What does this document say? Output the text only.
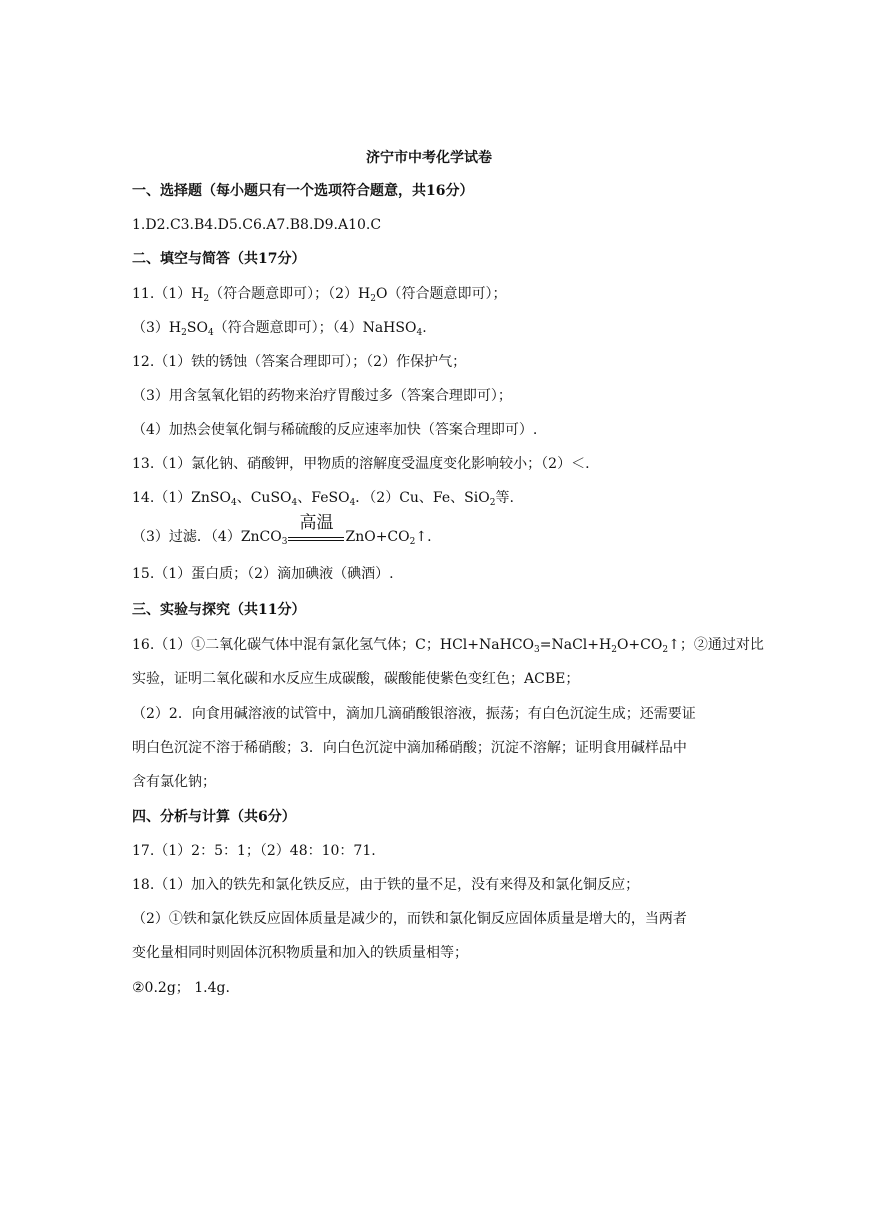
济宁市中考化学试卷
一、选择题（每小题只有一个选项符合题意，共16分）
1.D2.C3.B4.D5.C6.A7.B8.D9.A10.C
二、填空与简答（共17分）
$11.(1)H_2$（符合题意即可）；$(2)H_2O$（符合题意即可）；
$(3)H_2SO_4$（符合题意即可）；（4）NaHSO$_4$.
12.（1）铁的锈蚀（答案合理即可）；（2）作保护气；
（3）用含氢氧化铝的药物来治疗胃酸过多（答案合理即可）；
（4）加热会使氧化铜与稀硫酸的反应速率加快（答案合理即可）.
13.（1）氯化钠、硝酸钾，甲物质的溶解度受温度变化影响较小；（2）＜.
14.（1）ZnSO$_4$、CuSO$_4$、FeSO$_4$．（2）Cu、Fe、SiO$_2$等.
（3）过滤．（4）ZnCO$_3$
高温
$ZnO+CO_2↑$.
15.（1）蛋白质；（2）滴加碘液（碘酒）.
三、实验与探究（共11分）
16.（1）①二氧化碳气体中混有氯化氢气体；C；$HCl+NaHCO_3=NaCl+H_2O+CO_2↑$；②通过对比
实验，证明二氧化碳和水反应生成碳酸，碳酸能使紫色变红色；ACBE；
（2）2．向食用碱溶液的试管中，滴加几滴硝酸银溶液，振荡；有白色沉淀生成；还需要证
明白色沉淀不溶于稀硝酸；3．向白色沉淀中滴加稀硝酸；沉淀不溶解；证明食用碱样品中
含有氯化钠；
四、分析与计算（共6分）
17.（1）2：5：1；（2）48：10：71.
18.（1）加入的铁先和氯化铁反应，由于铁的量不足，没有来得及和氯化铜反应；
（2）①铁和氯化铁反应固体质量是减少的，而铁和氯化铜反应固体质量是增大的，当两者
变化量相同时则固体沉积物质量和加入的铁质量相等；
②0.2g； 1.4g.
